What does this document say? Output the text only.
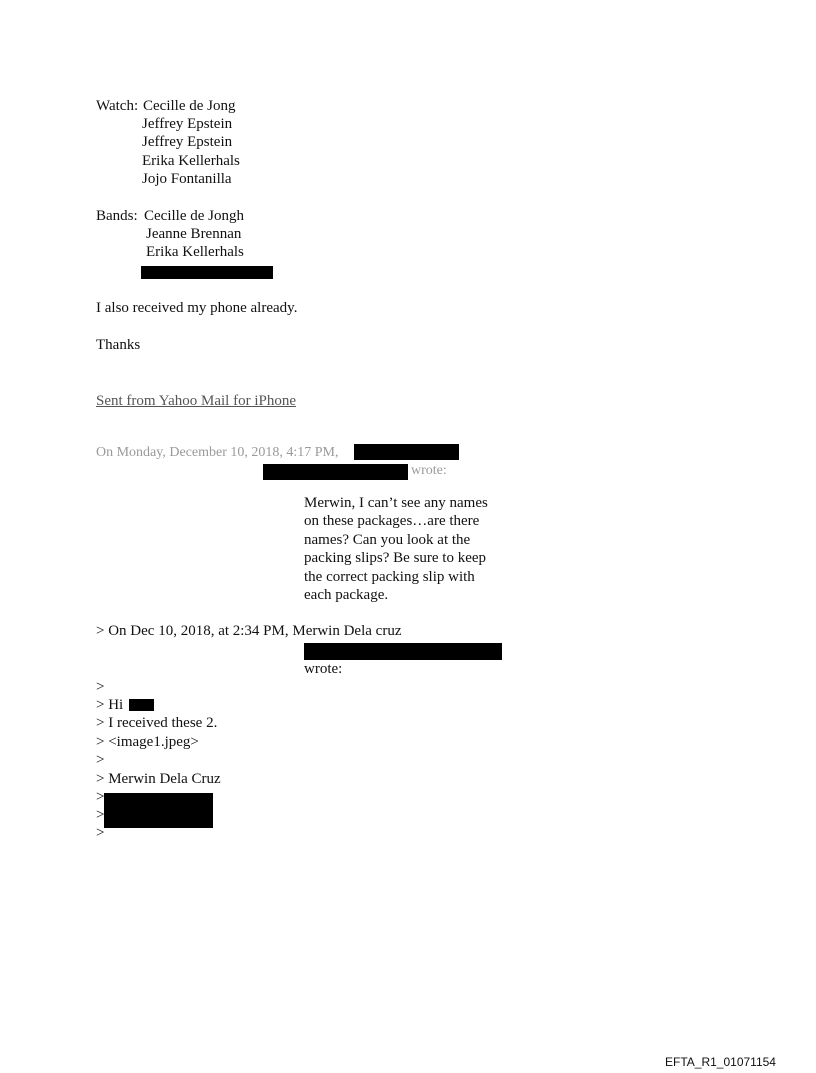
Watch: Cecille de Jong
Jeffrey Epstein
Jeffrey Epstein
Erika Kellerhals
Jojo Fontanilla
Bands: Cecille de Jongh
Jeanne Brennan
Erika Kellerhals
I also received my phone already.
Thanks
Sent from Yahoo Mail for iPhone
On Monday, December 10, 2018, 4:17 PM,
wrote:
Merwin, I can’t see any names
on these packages…are there
names? Can you look at the
packing slips? Be sure to keep
the correct packing slip with
each package.
> On Dec 10, 2018, at 2:34 PM, Merwin Dela cruz
wrote:
>
> Hi
> I received these 2.
> <image1.jpeg>
>
> Merwin Dela Cruz
>
>
>
EFTA_R1_01071154
